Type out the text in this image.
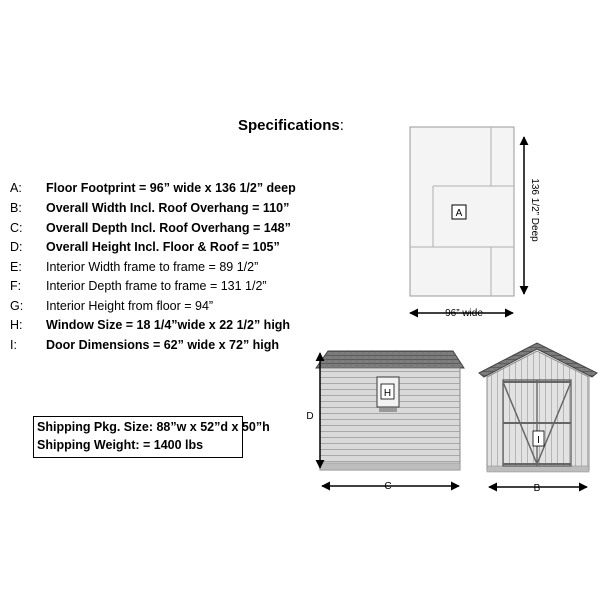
Specifications:
A: Floor Footprint = 96” wide x 136 1/2” deep
B: Overall Width Incl. Roof Overhang = 110”
C: Overall Depth Incl. Roof Overhang = 148”
D: Overall Height Incl. Floor & Roof = 105”
E: Interior Width frame to frame = 89 1/2”
F: Interior Depth frame to frame = 131 1/2”
G: Interior Height from floor = 94”
H: Window Size = 18 1/4”wide x 22 1/2” high
I: Door Dimensions = 62” wide x 72” high
Shipping Pkg. Size: 88”w x 52”d x 50”h
Shipping Weight: = 1400 lbs
A	136 1/2” Deep
96” wide
H
D
C
I
B
